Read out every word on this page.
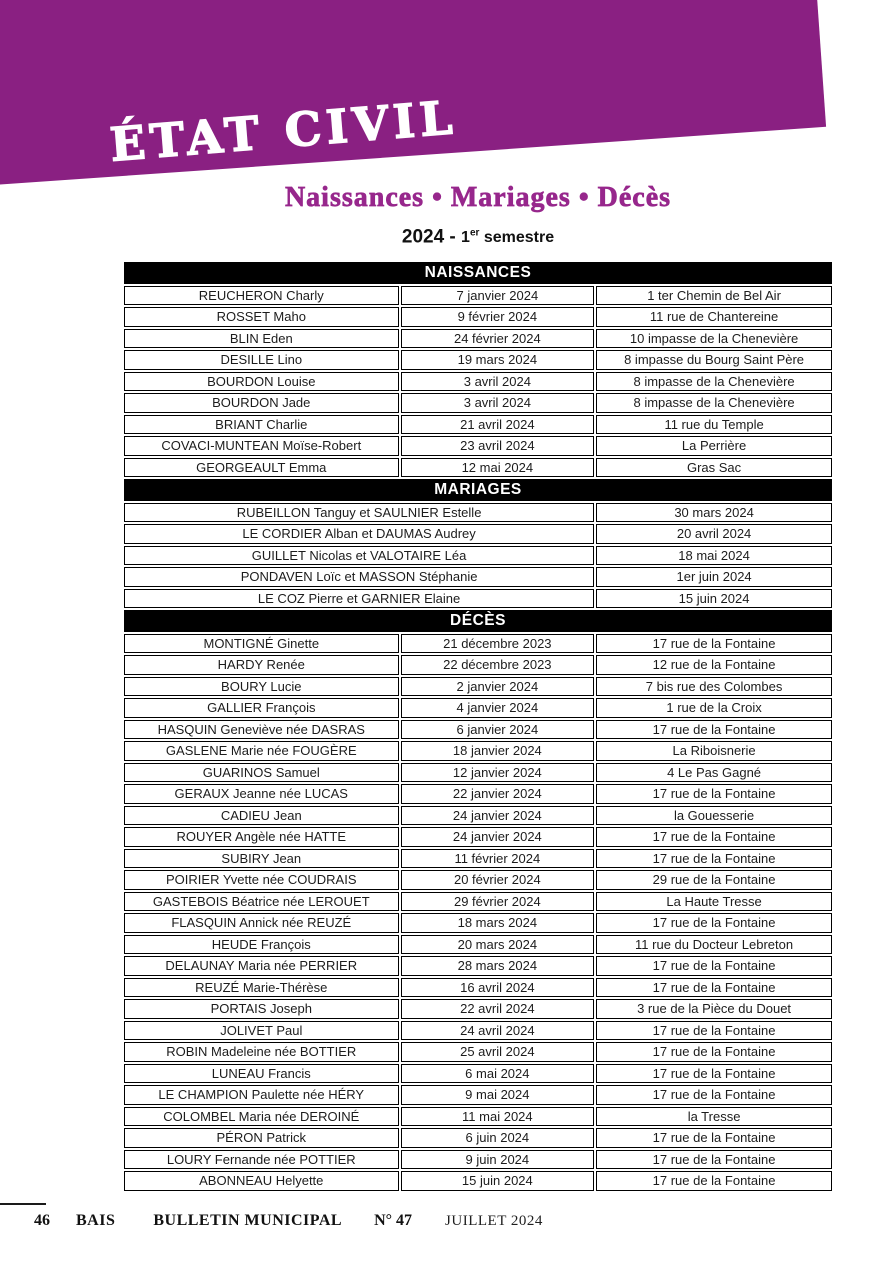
ÉTAT CIVIL
Naissances • Mariages • Décès
2024 - 1er semestre
NAISSANCES		
REUCHERON Charly	7 janvier 2024	1 ter Chemin de Bel Air
ROSSET Maho	9 février 2024	11 rue de Chantereine
BLIN Eden	24 février 2024	10 impasse de la Chenevière
DESILLE Lino	19 mars 2024	8 impasse du Bourg Saint Père
BOURDON Louise	3 avril 2024	8 impasse de la Chenevière
BOURDON Jade	3 avril 2024	8 impasse de la Chenevière
BRIANT Charlie	21 avril 2024	11 rue du Temple
COVACI-MUNTEAN Moïse-Robert	23 avril 2024	La Perrière
GEORGEAULT Emma	12 mai 2024	Gras Sac
MARIAGES		
RUBEILLON Tanguy et SAULNIER Estelle		30 mars 2024
LE CORDIER Alban et DAUMAS Audrey		20 avril 2024
GUILLET Nicolas et VALOTAIRE Léa		18 mai 2024
PONDAVEN Loïc et MASSON Stéphanie		1er juin 2024
LE COZ Pierre et GARNIER Elaine		15 juin 2024
DÉCÈS		
MONTIGNÉ Ginette	21 décembre 2023	17 rue de la Fontaine
HARDY Renée	22 décembre 2023	12 rue de la Fontaine
BOURY Lucie	2 janvier 2024	7 bis rue des Colombes
GALLIER François	4 janvier 2024	1 rue de la Croix
HASQUIN Geneviève née DASRAS	6 janvier 2024	17 rue de la Fontaine
GASLENE Marie née FOUGÈRE	18 janvier 2024	La Riboisnerie
GUARINOS Samuel	12 janvier 2024	4 Le Pas Gagné
GERAUX Jeanne née LUCAS	22 janvier 2024	17 rue de la Fontaine
CADIEU Jean	24 janvier 2024	la Gouesserie
ROUYER Angèle née HATTE	24 janvier 2024	17 rue de la Fontaine
SUBIRY Jean	11 février 2024	17 rue de la Fontaine
POIRIER Yvette née COUDRAIS	20 février 2024	29 rue de la Fontaine
GASTEBOIS Béatrice née LEROUET	29 février 2024	La Haute Tresse
FLASQUIN Annick née REUZÉ	18 mars 2024	17 rue de la Fontaine
HEUDE François	20 mars 2024	11 rue du Docteur Lebreton
DELAUNAY Maria née PERRIER	28 mars 2024	17 rue de la Fontaine
REUZÉ Marie-Thérèse	16 avril 2024	17 rue de la Fontaine
PORTAIS Joseph	22 avril 2024	3 rue de la Pièce du Douet
JOLIVET Paul	24 avril 2024	17 rue de la Fontaine
ROBIN Madeleine née BOTTIER	25 avril 2024	17 rue de la Fontaine
LUNEAU Francis	6 mai 2024	17 rue de la Fontaine
LE CHAMPION Paulette née HÉRY	9 mai 2024	17 rue de la Fontaine
COLOMBEL Maria née DEROINÉ	11 mai 2024	la Tresse
PÉRON Patrick	6 juin 2024	17 rue de la Fontaine
LOURY Fernande née POTTIER	9 juin 2024	17 rue de la Fontaine
ABONNEAU Helyette	15 juin 2024	17 rue de la Fontaine
46 BAIS BULLETIN MUNICIPAL N° 47 JUILLET 2024
